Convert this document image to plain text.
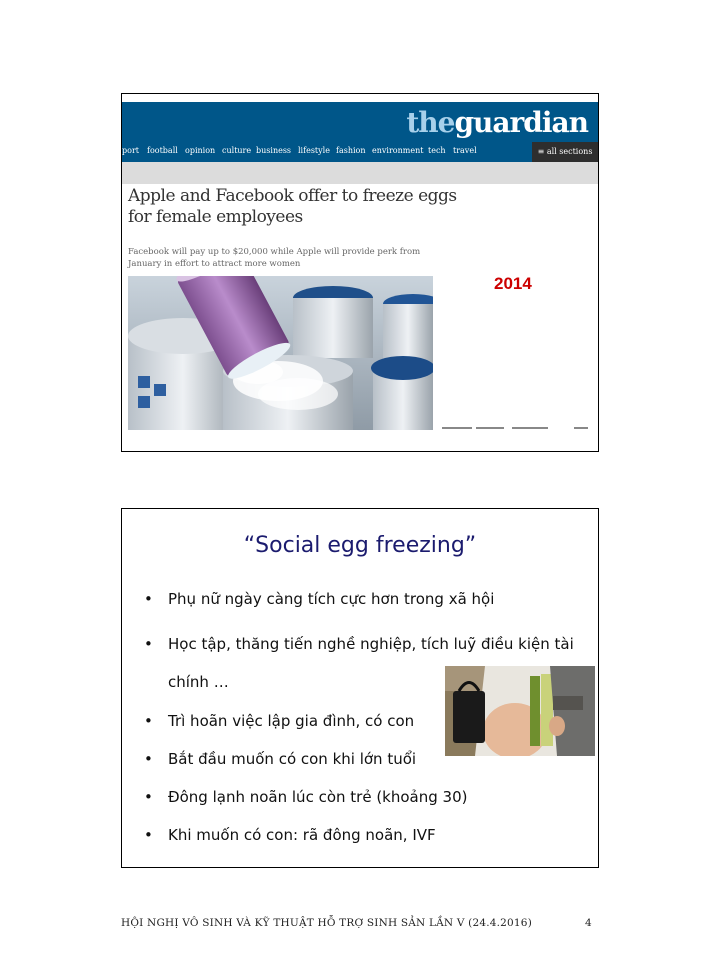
theguardian
port football opinion culture business lifestyle fashion environment tech travel	≡ all sections
Apple and Facebook offer to freeze eggs for female employees
Facebook will pay up to $20,000 while Apple will provide perk from January in effort to attract more women
2014
“Social egg freezing”
• Phụ nữ ngày càng tích cực hơn trong xã hội
• Học tập, thăng tiến nghề nghiệp, tích luỹ điều kiện tài chính …
• Trì hoãn việc lập gia đình, có con
• Bắt đầu muốn có con khi lớn tuổi
• Đông lạnh noãn lúc còn trẻ (khoảng 30)
• Khi muốn có con: rã đông noãn, IVF
HỘI NGHỊ VÔ SINH VÀ KỸ THUẬT HỖ TRỢ SINH SẢN LẦN V (24.4.2016)	4
